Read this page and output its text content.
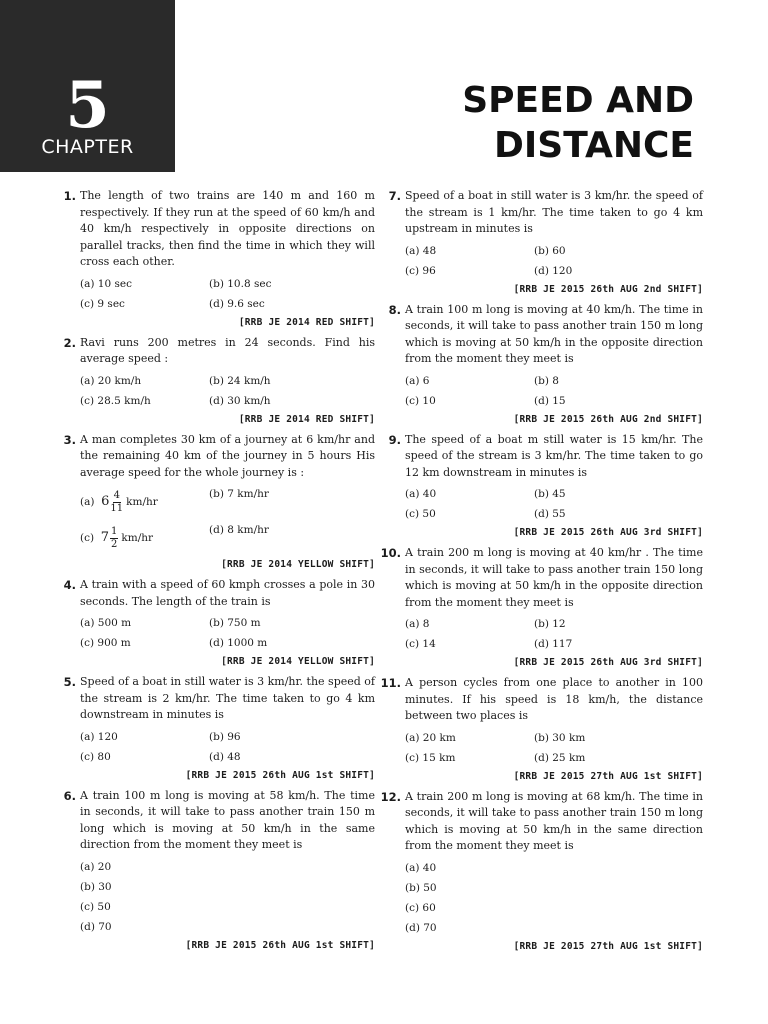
5
CHAPTER
SPEED AND
DISTANCE
1. The length of two trains are 140 m and 160 m respectively. If they run at the speed of 60 km/h and 40 km/h respectively in opposite directions on parallel tracks, then find the time in which they will cross each other.
(a) 10 sec	(b) 10.8 sec
(c) 9 sec	(d) 9.6 sec
[RRB JE 2014 RED SHIFT]
2. Ravi runs 200 metres in 24 seconds. Find his average speed :
(a) 20 km/h	(b) 24 km/h
(c) 28.5 km/h	(d) 30 km/h
[RRB JE 2014 RED SHIFT]
3. A man completes 30 km of a journey at 6 km/hr and the remaining 40 km of the journey in 5 hours His average speed for the whole journey is :
(a) $6 \frac{4}{11} km/hr$
(b) 7 km/hr
(c) $7 \frac{1}{2} km/hr$
(d) 8 km/hr
[RRB JE 2014 YELLOW SHIFT]
4. A train with a speed of 60 kmph crosses a pole in 30 seconds. The length of the train is
(a) 500 m	(b) 750 m
(c) 900 m	(d) 1000 m
[RRB JE 2014 YELLOW SHIFT]
5. Speed of a boat in still water is 3 km/hr. the speed of the stream is 2 km/hr. The time taken to go 4 km downstream in minutes is
(a) 120	(b) 96
(c) 80	(d) 48
[RRB JE 2015 26th AUG 1st SHIFT]
6. A train 100 m long is moving at 58 km/h. The time in seconds, it will take to pass another train 150 m long which is moving at 50 km/h in the same direction from the moment they meet is
(a) 20
(b) 30
(c) 50
(d) 70
[RRB JE 2015 26th AUG 1st SHIFT]
7. Speed of a boat in still water is 3 km/hr. the speed of the stream is 1 km/hr. The time taken to go 4 km upstream in minutes is
(a) 48	(b) 60
(c) 96	(d) 120
[RRB JE 2015 26th AUG 2nd SHIFT]
8. A train 100 m long is moving at 40 km/h. The time in seconds, it will take to pass another train 150 m long which is moving at 50 km/h in the opposite direction from the moment they meet is
(a) 6	(b) 8
(c) 10	(d) 15
[RRB JE 2015 26th AUG 2nd SHIFT]
9. The speed of a boat m still water is 15 km/hr. The speed of the stream is 3 km/hr. The time taken to go 12 km downstream in minutes is
(a) 40	(b) 45
(c) 50	(d) 55
[RRB JE 2015 26th AUG 3rd SHIFT]
10. A train 200 m long is moving at 40 km/hr . The time in seconds, it will take to pass another train 150 long which is moving at 50 km/h in the opposite direction from the moment they meet is
(a) 8	(b) 12
(c) 14	(d) 117
[RRB JE 2015 26th AUG 3rd SHIFT]
11. A person cycles from one place to another in 100 minutes. If his speed is 18 km/h, the distance between two places is
(a) 20 km	(b) 30 km
(c) 15 km	(d) 25 km
[RRB JE 2015 27th AUG 1st SHIFT]
12. A train 200 m long is moving at 68 km/h. The time in seconds, it will take to pass another train 150 m long which is moving at 50 km/h in the same direction from the moment they meet is
(a) 40
(b) 50
(c) 60
(d) 70
[RRB JE 2015 27th AUG 1st SHIFT]
